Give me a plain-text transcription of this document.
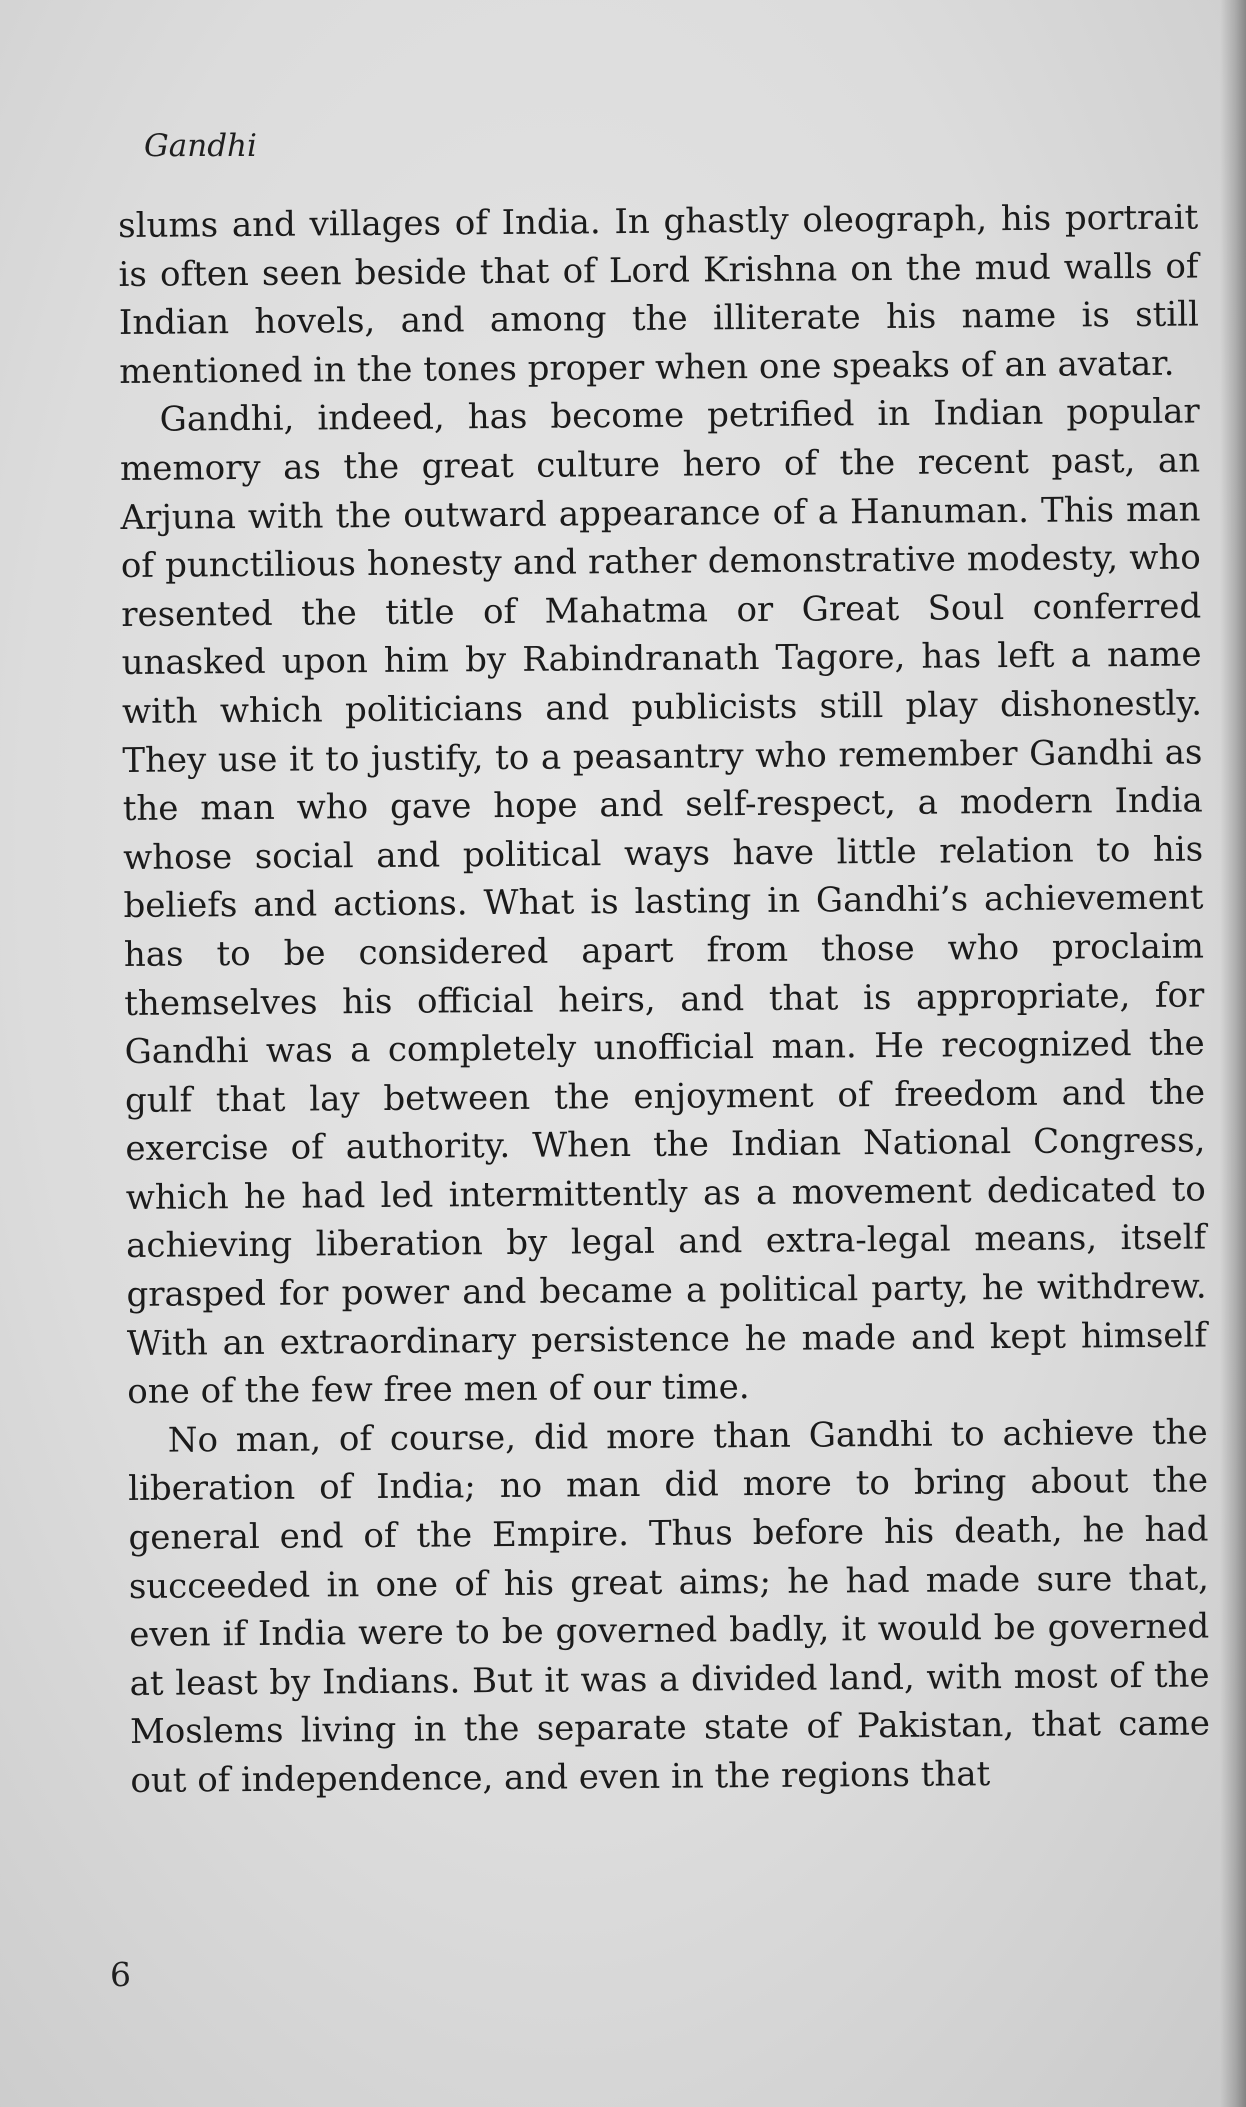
Gandhi

slums and villages of India. In ghastly oleograph, his portrait is often seen beside that of Lord Krishna on the mud walls of Indian hovels, and among the illiterate his name is still mentioned in the tones proper when one speaks of an avatar.

Gandhi, indeed, has become petrified in Indian popular memory as the great culture hero of the recent past, an Arjuna with the outward appearance of a Hanuman. This man of punctilious honesty and rather demonstrative modesty, who resented the title of Mahatma or Great Soul conferred unasked upon him by Rabindranath Tagore, has left a name with which politicians and publicists still play dishonestly. They use it to justify, to a peasantry who remember Gandhi as the man who gave hope and self-respect, a modern India whose social and political ways have little relation to his beliefs and actions. What is lasting in Gandhi’s achievement has to be considered apart from those who proclaim themselves his official heirs, and that is appropriate, for Gandhi was a completely unofficial man. He recognized the gulf that lay between the enjoyment of freedom and the exercise of authority. When the Indian National Congress, which he had led intermittently as a movement dedicated to achieving liberation by legal and extra-legal means, itself grasped for power and became a political party, he withdrew. With an extraordinary persistence he made and kept himself one of the few free men of our time.

No man, of course, did more than Gandhi to achieve the liberation of India; no man did more to bring about the general end of the Empire. Thus before his death, he had succeeded in one of his great aims; he had made sure that, even if India were to be governed badly, it would be governed at least by Indians. But it was a divided land, with most of the Moslems living in the separate state of Pakistan, that came out of independence, and even in the regions that

6
